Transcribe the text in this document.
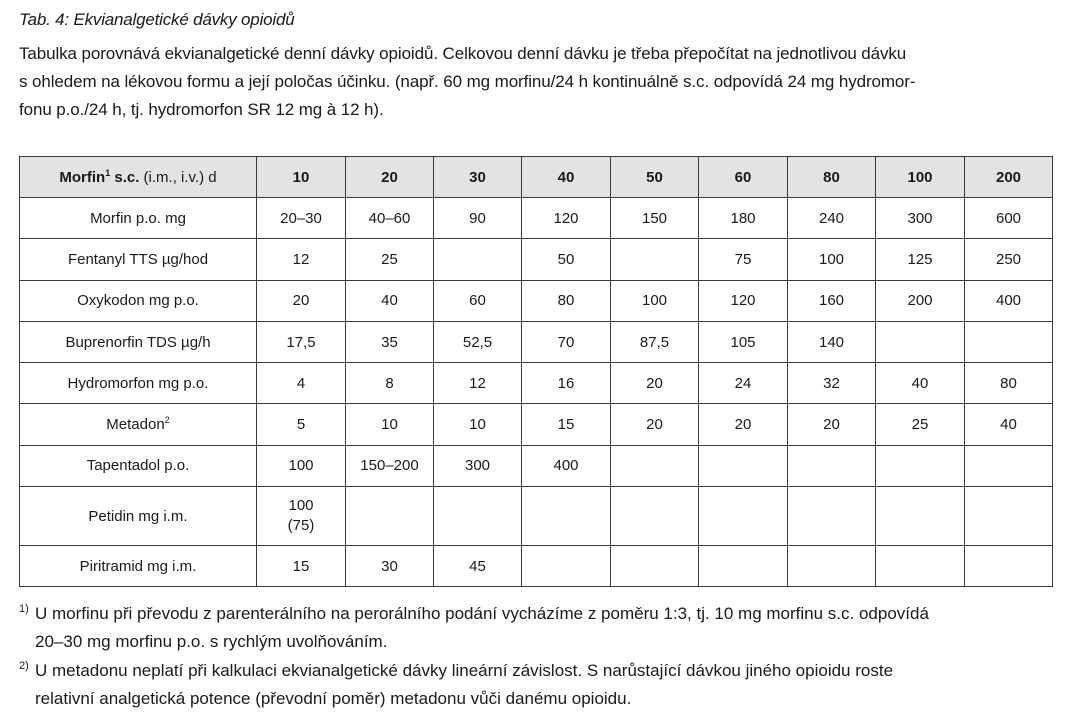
Tab. 4: Ekvianalgetické dávky opioidů
Tabulka porovnává ekvianalgetické denní dávky opioidů. Celkovou denní dávku je třeba přepočítat na jednotlivou dávku
s ohledem na lékovou formu a její poločas účinku. (např. 60 mg morfinu/24 h kontinuálně s.c. odpovídá 24 mg hydromor-
fonu p.o./24 h, tj. hydromorfon SR 12 mg à 12 h).
Morfin$^1$ s.c. (i.m., i.v.) d	10	20	30	40	50	60	80	100	200
Morfin p.o. mg	20–30	40–60	90	120	150	180	240	300	600
Fentanyl TTS µg/hod	12	25		50		75	100	125	250
Oxykodon mg p.o.	20	40	60	80	100	120	160	200	400
Buprenorfin TDS µg/h	17,5	35	52,5	70	87,5	105	140		
Hydromorfon mg p.o.	4	8	12	16	20	24	32	40	80
Metadon$^2$	5	10	10	15	20	20	20	25	40
Tapentadol p.o.	100	150–200	300	400					
Petidin mg i.m.	100
(75)								
Piritramid mg i.m.	15	30	45						
1) U morfinu při převodu z parenterálního na perorálního podání vycházíme z poměru 1:3, tj. 10 mg morfinu s.c. odpovídá
20–30 mg morfinu p.o. s rychlým uvolňováním.
2) U metadonu neplatí při kalkulaci ekvianalgetické dávky lineární závislost. S narůstající dávkou jiného opioidu roste
relativní analgetická potence (převodní poměr) metadonu vůči danému opioidu.
